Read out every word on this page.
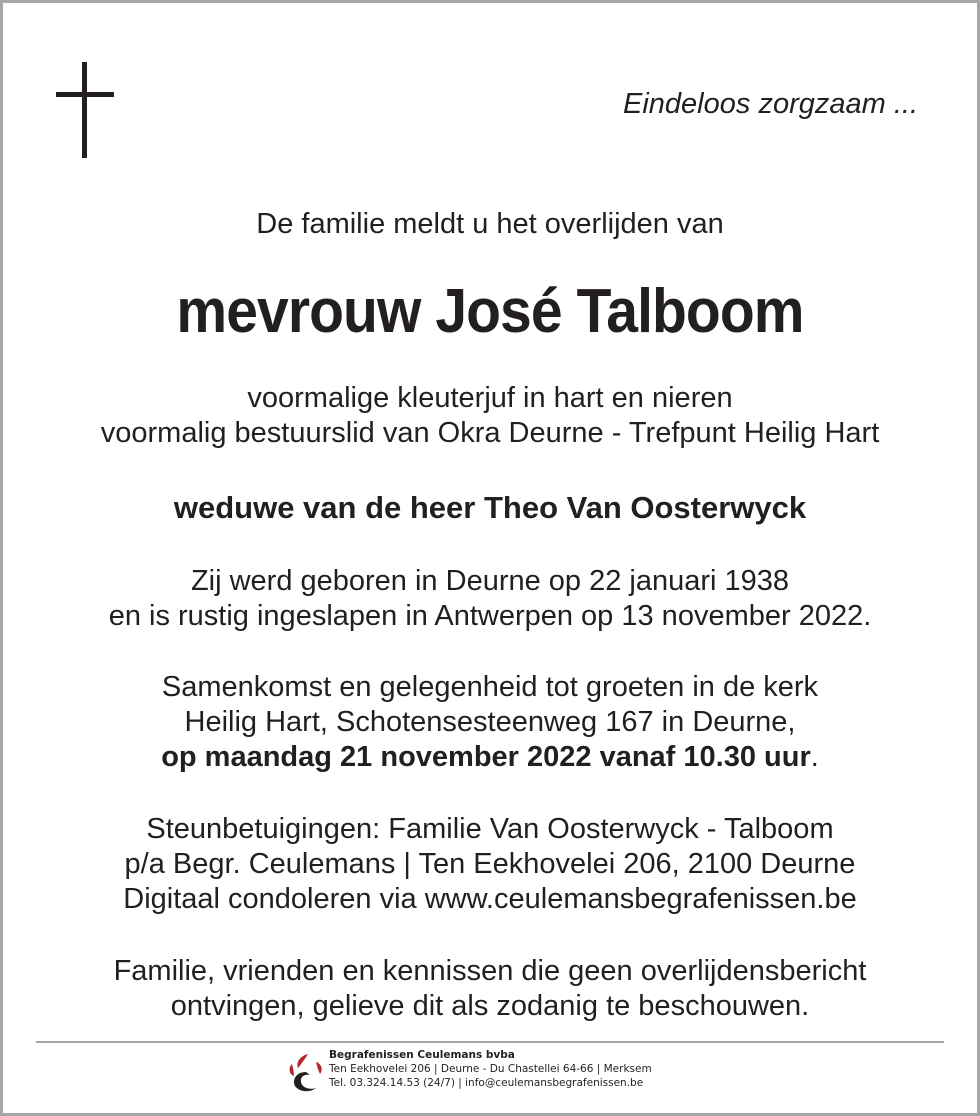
Eindeloos zorgzaam ...
De familie meldt u het overlijden van
mevrouw José Talboom
voormalige kleuterjuf in hart en nieren
voormalig bestuurslid van Okra Deurne - Trefpunt Heilig Hart
weduwe van de heer Theo Van Oosterwyck
Zij werd geboren in Deurne op 22 januari 1938
en is rustig ingeslapen in Antwerpen op 13 november 2022.
Samenkomst en gelegenheid tot groeten in de kerk
Heilig Hart, Schotensesteenweg 167 in Deurne,
op maandag 21 november 2022 vanaf 10.30 uur.
Steunbetuigingen: Familie Van Oosterwyck - Talboom
p/a Begr. Ceulemans | Ten Eekhovelei 206, 2100 Deurne
Digitaal condoleren via www.ceulemansbegrafenissen.be
Familie, vrienden en kennissen die geen overlijdensbericht
ontvingen, gelieve dit als zodanig te beschouwen.
Begrafenissen Ceulemans bvba
Ten Eekhovelei 206 | Deurne - Du Chastellei 64-66 | Merksem
Tel. 03.324.14.53 (24/7) | info@ceulemansbegrafenissen.be
